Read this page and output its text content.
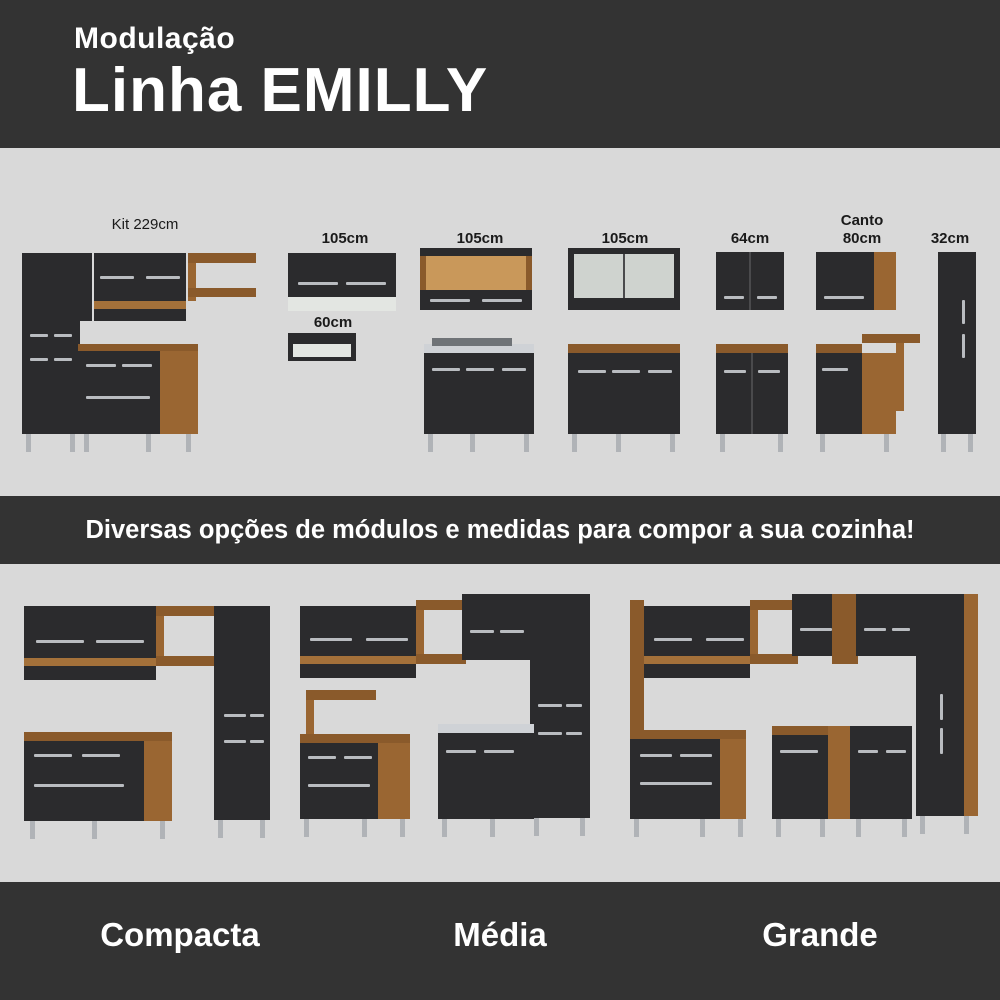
Modulação
Linha EMILLY
Kit 229cm
105cm
60cm
105cm	105cm	64cm
Canto
80cm	32cm
Diversas opções de módulos e medidas para compor a sua cozinha!
Compacta	Média	Grande
